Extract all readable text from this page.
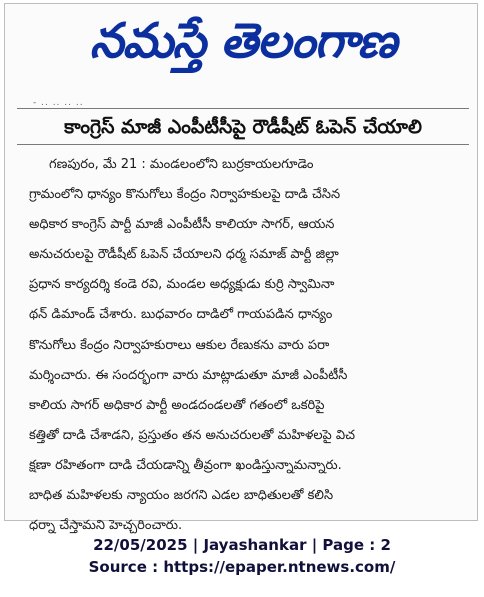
నమస్తే తెలంగాణ
- .. .. .. ..
కాంగ్రెస్ మాజీ ఎంపీటీసీపై రౌడీషీట్ ఓపెన్ చేయాలి
గణపురం, మే 21 : మండలంలోని బుర్రకాయలగూడెం
గ్రామంలోని ధాన్యం కొనుగోలు కేంద్రం నిర్వాహకులపై దాడి చేసిన
అధికార కాంగ్రెస్ పార్టీ మాజీ ఎంపీటీసీ కాలియా సాగర్, ఆయన
అనుచరులపై రౌడీషీట్ ఓపెన్ చేయాలని ధర్మ సమాజ్ పార్టీ జిల్లా
ప్రధాన కార్యదర్శి కండె రవి, మండల అధ్యక్షుడు కుర్రి స్వామినా
థన్ డిమాండ్ చేశారు. బుధవారం దాడిలో గాయపడిన ధాన్యం
కొనుగోలు కేంద్రం నిర్వాహకురాలు ఆకుల రేణుకను వారు పరా
మర్శించారు. ఈ సందర్భంగా వారు మాట్లాడుతూ మాజీ ఎంపీటీసీ
కాలియ సాగర్ అధికార పార్టీ అండదండలతో గతంలో ఒకరిపై
కత్తితో దాడి చేశాడని, ప్రస్తుతం తన అనుచరులతో మహిళలపై విచ
క్షణా రహితంగా దాడి చేయడాన్ని తీవ్రంగా ఖండిస్తున్నామన్నారు.
బాధిత మహిళలకు న్యాయం జరగని ఎడల బాధితులతో కలిసి
ధర్నా చేస్తామని హెచ్చరించారు.
22/05/2025 | Jayashankar | Page : 2
Source : https://epaper.ntnews.com/
